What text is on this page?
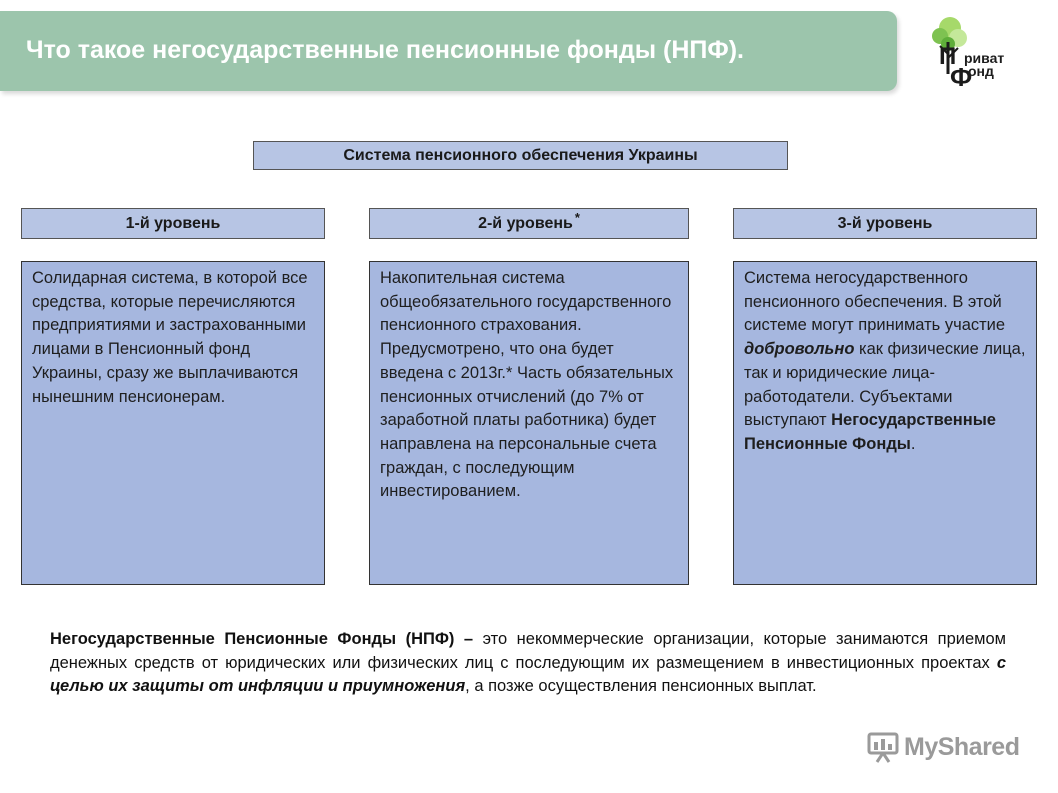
Что такое негосударственные пенсионные фонды (НПФ).	П
Ф
риват
онд
Система пенсионного обеспечения Украины
1-й уровень	2-й уровень*	3-й уровень
Солидарная система, в которой все средства, которые перечисляются предприятиями и застрахованными лицами в Пенсионный фонд Украины, сразу же выплачиваются нынешним пенсионерам.
Накопительная система общеобязательного государственного пенсионного страхования. Предусмотрено, что она будет введена с 2013г.* Часть обязательных пенсионных отчислений (до 7% от заработной платы работника) будет направлена на персональные счета граждан, с последующим инвестированием.
Система негосударственного пенсионного обеспечения. В этой системе могут принимать участие добровольно как физические лица, так и юридические лица-работодатели. Субъектами выступают Негосударственные Пенсионные Фонды.
Негосударственные Пенсионные Фонды (НПФ) – это некоммерческие организации, которые занимаются приемом денежных средств от юридических или физических лиц с последующим их размещением в инвестиционных проектах с целью их защиты от инфляции и приумножения, а позже осуществления пенсионных выплат.
MyShared
